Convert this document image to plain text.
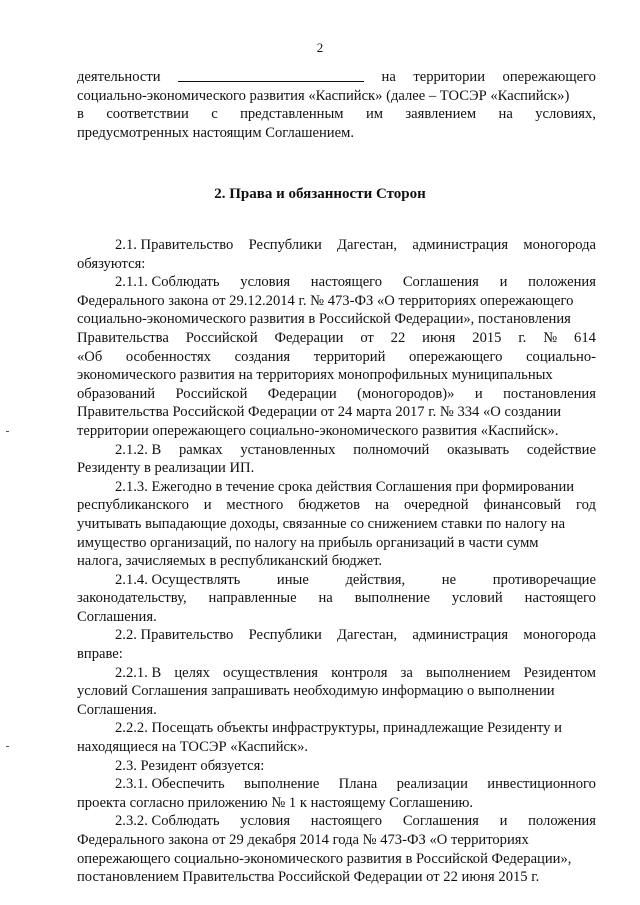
2
деятельности	на территории опережающего
социально-экономического развития «Каспийск» (далее – ТОСЭР «Каспийск»)
в соответствии с представленным им заявлением на условиях,
предусмотренных настоящим Соглашением.
2. Права и обязанности Сторон
2.1. Правительство Республики Дагестан, администрация моногорода
обязуются:
2.1.1. Соблюдать условия настоящего Соглашения и положения
Федерального закона от 29.12.2014 г. № 473-ФЗ «О территориях опережающего
социально-экономического развития в Российской Федерации», постановления
Правительства Российской Федерации от 22 июня 2015 г. № 614
«Об особенностях создания территорий опережающего социально-
экономического развития на территориях монопрофильных муниципальных
образований Российской Федерации (моногородов)» и постановления
Правительства Российской Федерации от 24 марта 2017 г. № 334 «О создании
территории опережающего социально-экономического развития «Каспийск».
2.1.2. В рамках установленных полномочий оказывать содействие
Резиденту в реализации ИП.
2.1.3. Ежегодно в течение срока действия Соглашения при формировании
республиканского и местного бюджетов на очередной финансовый год
учитывать выпадающие доходы, связанные со снижением ставки по налогу на
имущество организаций, по налогу на прибыль организаций в части сумм
налога, зачисляемых в республиканский бюджет.
2.1.4. Осуществлять	иные	действия,	не	противоречащие
законодательству, направленные на выполнение условий настоящего
Соглашения.
2.2. Правительство Республики Дагестан, администрация моногорода
вправе:
2.2.1. В целях осуществления контроля за выполнением Резидентом
условий Соглашения запрашивать необходимую информацию о выполнении
Соглашения.
2.2.2. Посещать объекты инфраструктуры, принадлежащие Резиденту и
находящиеся на ТОСЭР «Каспийск».
2.3. Резидент обязуется:
2.3.1. Обеспечить выполнение Плана реализации инвестиционного
проекта согласно приложению № 1 к настоящему Соглашению.
2.3.2. Соблюдать условия настоящего Соглашения и положения
Федерального закона от 29 декабря 2014 года № 473-ФЗ «О территориях
опережающего социально-экономического развития в Российской Федерации»,
постановлением Правительства Российской Федерации от 22 июня 2015 г.
